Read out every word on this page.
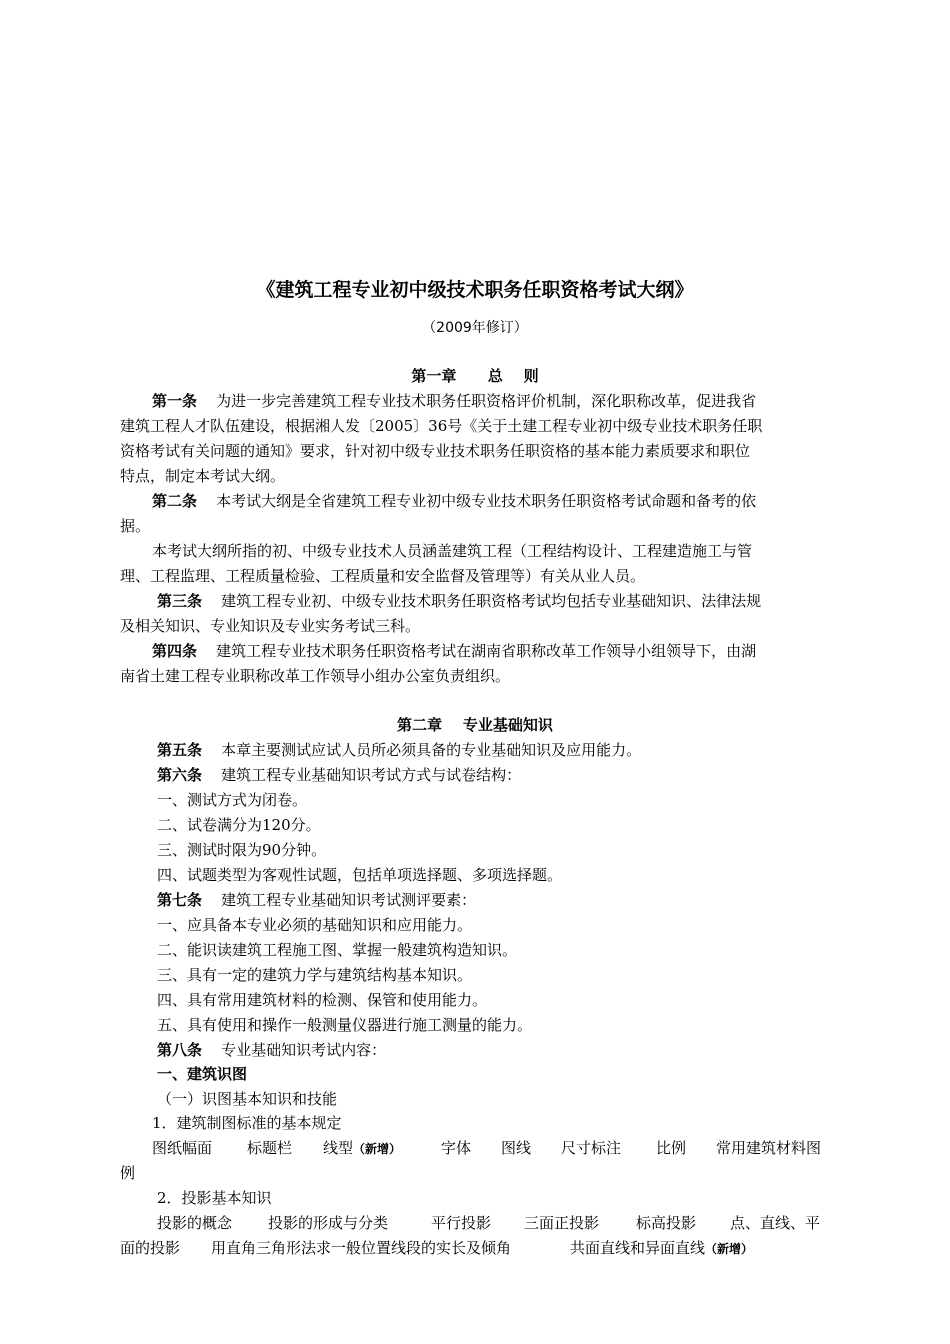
《建筑工程专业初中级技术职务任职资格考试大纲》
（2009年修订）
第一章      总    则
第一条 为进一步完善建筑工程专业技术职务任职资格评价机制，深化职称改革，促进我省
建筑工程人才队伍建设，根据湘人发〔2005〕36号《关于土建工程专业初中级专业技术职务任职
资格考试有关问题的通知》要求，针对初中级专业技术职务任职资格的基本能力素质要求和职位
特点，制定本考试大纲。
第二条 本考试大纲是全省建筑工程专业初中级专业技术职务任职资格考试命题和备考的依
据。
本考试大纲所指的初、中级专业技术人员涵盖建筑工程（工程结构设计、工程建造施工与管
理、工程监理、工程质量检验、工程质量和安全监督及管理等）有关从业人员。
第三条 建筑工程专业初、中级专业技术职务任职资格考试均包括专业基础知识、法律法规
及相关知识、专业知识及专业实务考试三科。
第四条 建筑工程专业技术职务任职资格考试在湖南省职称改革工作领导小组领导下，由湖
南省土建工程专业职称改革工作领导小组办公室负责组织。
第二章    专业基础知识
第五条 本章主要测试应试人员所必须具备的专业基础知识及应用能力。
第六条 建筑工程专业基础知识考试方式与试卷结构：
一、测试方式为闭卷。
二、试卷满分为120分。
三、测试时限为90分钟。
四、试题类型为客观性试题，包括单项选择题、多项选择题。
第七条 建筑工程专业基础知识考试测评要素：
一、应具备本专业必须的基础知识和应用能力。
二、能识读建筑工程施工图、掌握一般建筑构造知识。
三、具有一定的建筑力学与建筑结构基本知识。
四、具有常用建筑材料的检测、保管和使用能力。
五、具有使用和操作一般测量仪器进行施工测量的能力。
第八条 专业基础知识考试内容：
一、建筑识图
（一）识图基本知识和技能
1．建筑制图标准的基本规定
图纸幅面 标题栏 线型（新增）	字体 图线 尺寸标注 比例 常用建筑材料图
例
2．投影基本知识
投影的概念 投影的形成与分类	平行投影 三面正投影 标高投影 点、直线、平
面的投影 用直角三角形法求一般位置线段的实长及倾角	共面直线和异面直线（新增）
